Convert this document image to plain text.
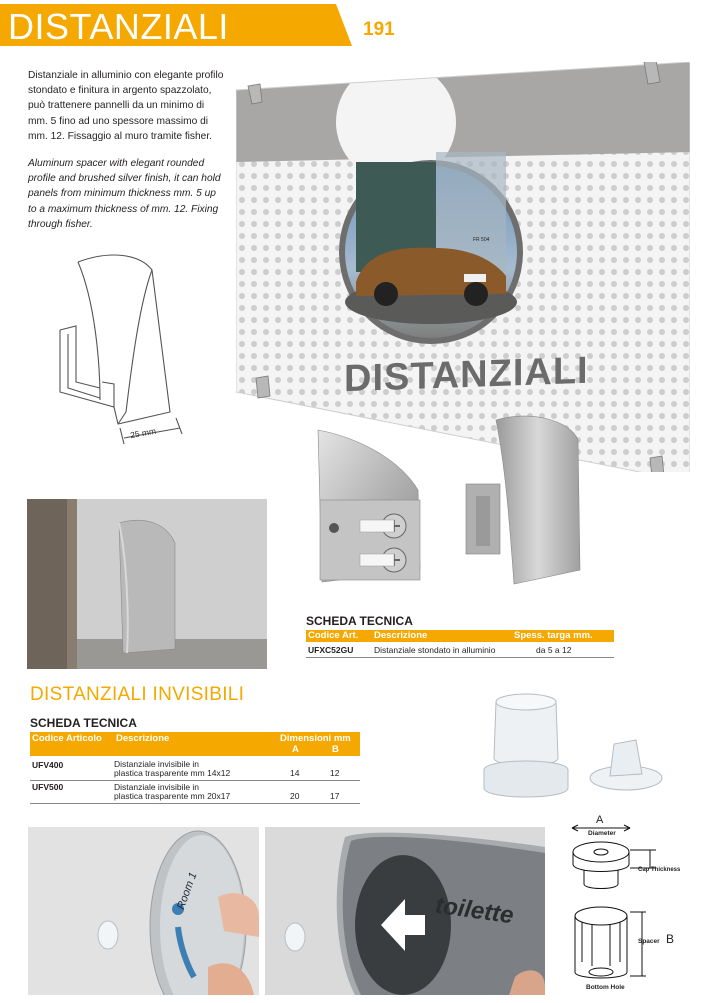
DISTANZIALI	191
Distanziale in alluminio con elegante profilo stondato e finitura in argento spazzolato, può trattenere pannelli da un minimo di mm. 5 fino ad uno spessore massimo di mm. 12. Fissaggio al muro tramite fisher.
Aluminum spacer with elegant rounded profile and brushed silver finish, it can hold panels from minimum thickness mm. 5 up to a maximum thickness of mm. 12. Fixing through fisher.
25 mm
DISTANZIALI
FR 504
SCHEDA TECNICA
Codice Art. Descrizione	Spess. targa mm.
UFXC52GU Distanziale stondato in alluminio	da 5 a 12
DISTANZIALI INVISIBILI
SCHEDA TECNICA
Codice Articolo Descrizione	Dimensioni mm
A	B
UFV400	Distanziale invisibile in
plastica trasparente mm 14x12	14	12
UFV500	Distanziale invisibile in
plastica trasparente mm 20x17	20	17
Room 1	toilette
A
Diameter
Cap Thickness
Spacer B
Bottom Hole
